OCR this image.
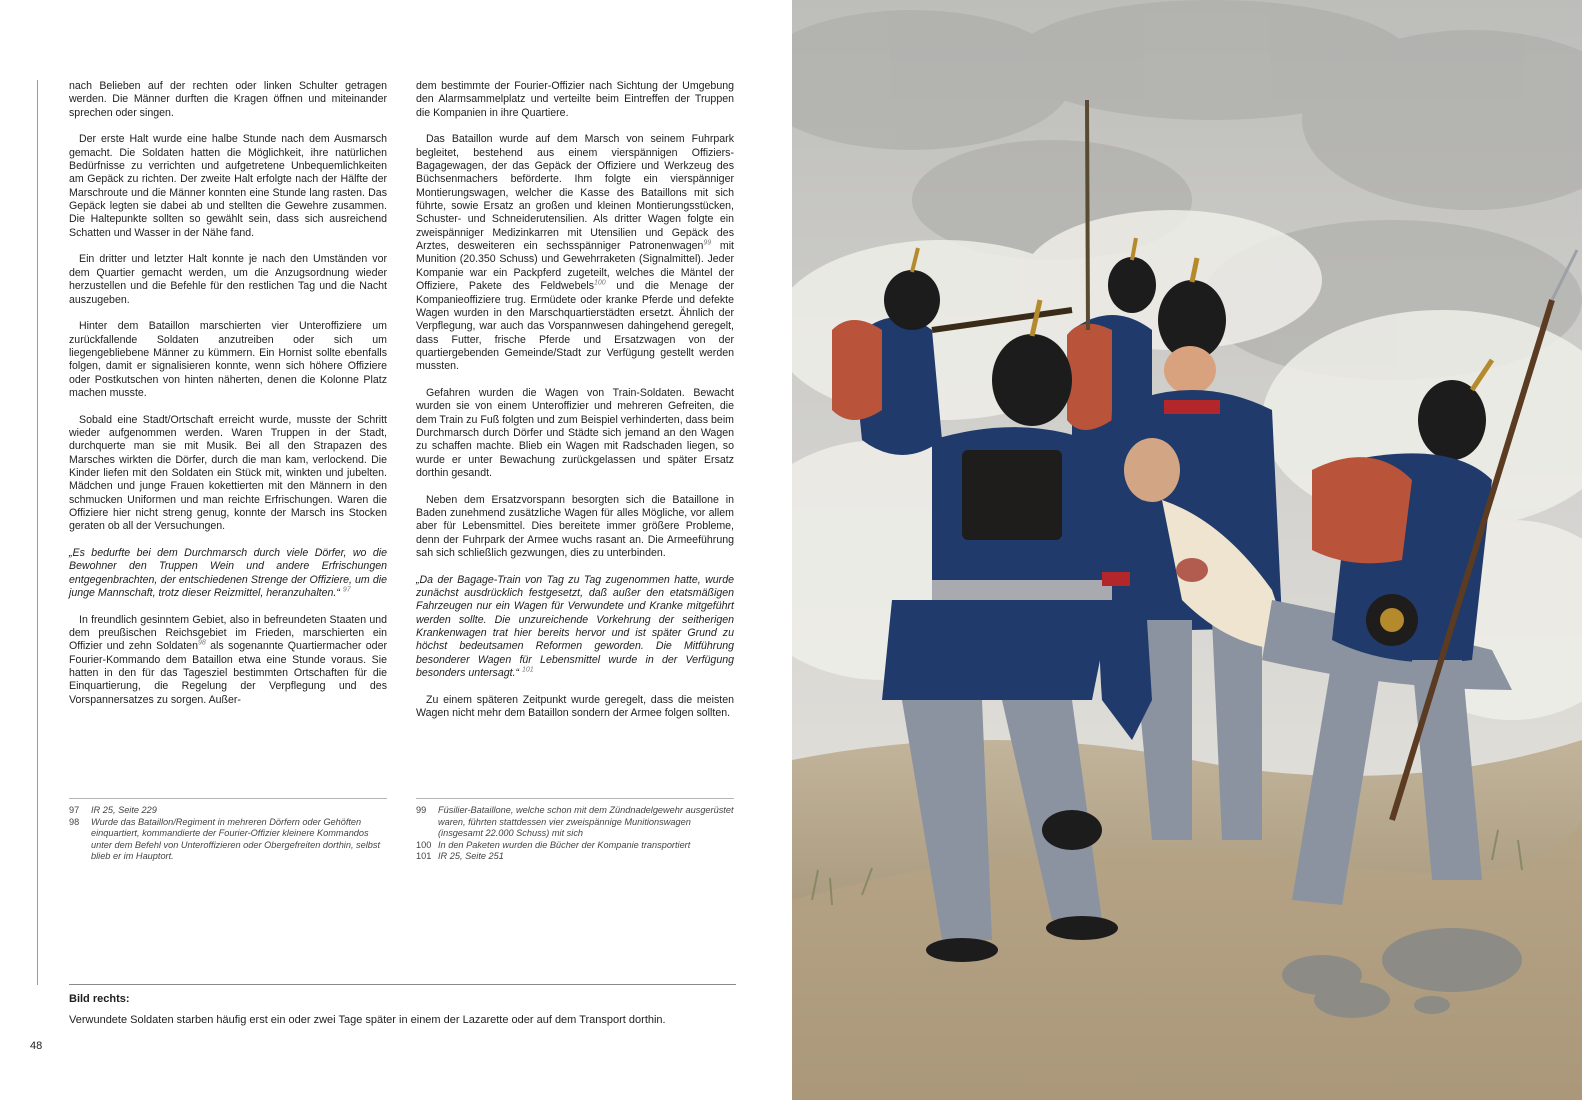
nach Belieben auf der rechten oder linken Schulter getragen werden. Die Männer durften die Kragen öffnen und miteinander sprechen oder singen.

Der erste Halt wurde eine halbe Stunde nach dem Ausmarsch gemacht. Die Soldaten hatten die Möglichkeit, ihre natürlichen Bedürfnisse zu verrichten und aufgetretene Unbequemlichkeiten am Gepäck zu richten. Der zweite Halt erfolgte nach der Hälfte der Marschroute und die Männer konnten eine Stunde lang rasten. Das Gepäck legten sie dabei ab und stellten die Gewehre zusammen. Die Haltepunkte sollten so gewählt sein, dass sich ausreichend Schatten und Wasser in der Nähe fand.

Ein dritter und letzter Halt konnte je nach den Umständen vor dem Quartier gemacht werden, um die Anzugsordnung wieder herzustellen und die Befehle für den restlichen Tag und die Nacht auszugeben.

Hinter dem Bataillon marschierten vier Unteroffiziere um zurückfallende Soldaten anzutreiben oder sich um liegengebliebene Männer zu kümmern. Ein Hornist sollte ebenfalls folgen, damit er signalisieren konnte, wenn sich höhere Offiziere oder Postkutschen von hinten näherten, denen die Kolonne Platz machen musste.

Sobald eine Stadt/Ortschaft erreicht wurde, musste der Schritt wieder aufgenommen werden. Waren Truppen in der Stadt, durchquerte man sie mit Musik. Bei all den Strapazen des Marsches wirkten die Dörfer, durch die man kam, verlockend. Die Kinder liefen mit den Soldaten ein Stück mit, winkten und jubelten. Mädchen und junge Frauen kokettierten mit den Männern in den schmucken Uniformen und man reichte Erfrischungen. Waren die Offiziere hier nicht streng genug, konnte der Marsch ins Stocken geraten ob all der Versuchungen.

„Es bedurfte bei dem Durchmarsch durch viele Dörfer, wo die Bewohner den Truppen Wein und andere Erfrischungen entgegenbrachten, der entschiedenen Strenge der Offiziere, um die junge Mannschaft, trotz dieser Reizmittel, heranzuhalten.“ $^{97}$

In freundlich gesinntem Gebiet, also in befreundeten Staaten und dem preußischen Reichsgebiet im Frieden, marschierten ein Offizier und zehn Soldaten$^{98}$ als sogenannte Quartiermacher oder Fourier-Kommando dem Bataillon etwa eine Stunde voraus. Sie hatten in den für das Tagesziel bestimmten Ortschaften für die Einquartierung, die Regelung der Verpflegung und des Vorspannersatzes zu sorgen. Außer-

dem bestimmte der Fourier-Offizier nach Sichtung der Umgebung den Alarmsammelplatz und verteilte beim Eintreffen der Truppen die Kompanien in ihre Quartiere.

Das Bataillon wurde auf dem Marsch von seinem Fuhrpark begleitet, bestehend aus einem vierspännigen Offiziers-Bagagewagen, der das Gepäck der Offiziere und Werkzeug des Büchsenmachers beförderte. Ihm folgte ein vierspänniger Montierungswagen, welcher die Kasse des Bataillons mit sich führte, sowie Ersatz an großen und kleinen Montierungsstücken, Schuster- und Schneiderutensilien. Als dritter Wagen folgte ein zweispänniger Medizinkarren mit Utensilien und Gepäck des Arztes, desweiteren ein sechsspänniger Patronenwagen$^{99}$ mit Munition (20.350 Schuss) und Gewehrraketen (Signalmittel). Jeder Kompanie war ein Packpferd zugeteilt, welches die Mäntel der Offiziere, Pakete des Feldwebels$^{100}$ und die Menage der Kompanieoffiziere trug. Ermüdete oder kranke Pferde und defekte Wagen wurden in den Marschquartierstädten ersetzt. Ähnlich der Verpflegung, war auch das Vorspannwesen dahingehend geregelt, dass Futter, frische Pferde und Ersatzwagen von der quartiergebenden Gemeinde/Stadt zur Verfügung gestellt werden mussten.

Gefahren wurden die Wagen von Train-Soldaten. Bewacht wurden sie von einem Unteroffizier und mehreren Gefreiten, die dem Train zu Fuß folgten und zum Beispiel verhinderten, dass beim Durchmarsch durch Dörfer und Städte sich jemand an den Wagen zu schaffen machte. Blieb ein Wagen mit Radschaden liegen, so wurde er unter Bewachung zurückgelassen und später Ersatz dorthin gesandt.

Neben dem Ersatzvorspann besorgten sich die Bataillone in Baden zunehmend zusätzliche Wagen für alles Mögliche, vor allem aber für Lebensmittel. Dies bereitete immer größere Probleme, denn der Fuhrpark der Armee wuchs rasant an. Die Armeeführung sah sich schließlich gezwungen, dies zu unterbinden.

„Da der Bagage-Train von Tag zu Tag zugenommen hatte, wurde zunächst ausdrücklich festgesetzt, daß außer den etatsmäßigen Fahrzeugen nur ein Wagen für Verwundete und Kranke mitgeführt werden sollte. Die unzureichende Vorkehrung der seitherigen Krankenwagen trat hier bereits hervor und ist später Grund zu höchst bedeutsamen Reformen geworden. Die Mitführung besonderer Wagen für Lebensmittel wurde in der Verfügung besonders untersagt.“ $^{101}$

Zu einem späteren Zeitpunkt wurde geregelt, dass die meisten Wagen nicht mehr dem Bataillon sondern der Armee folgen sollten.

97	IR 25, Seite 229
98	Wurde das Bataillon/Regiment in mehreren Dörfern oder Gehöften einquartiert, kommandierte der Fourier-Offizier kleinere Kommandos unter dem Befehl von Unteroffizieren oder Obergefreiten dorthin, selbst blieb er im Hauptort.
99	Füsilier-Bataillone, welche schon mit dem Zündnadelgewehr ausgerüstet waren, führten stattdessen vier zweispännige Munitionswagen (insgesamt 22.000 Schuss) mit sich
100 In den Paketen wurden die Bücher der Kompanie transportiert
101 IR 25, Seite 251
Bild rechts:
Verwundete Soldaten starben häufig erst ein oder zwei Tage später in einem der Lazarette oder auf dem Transport dorthin.
48
